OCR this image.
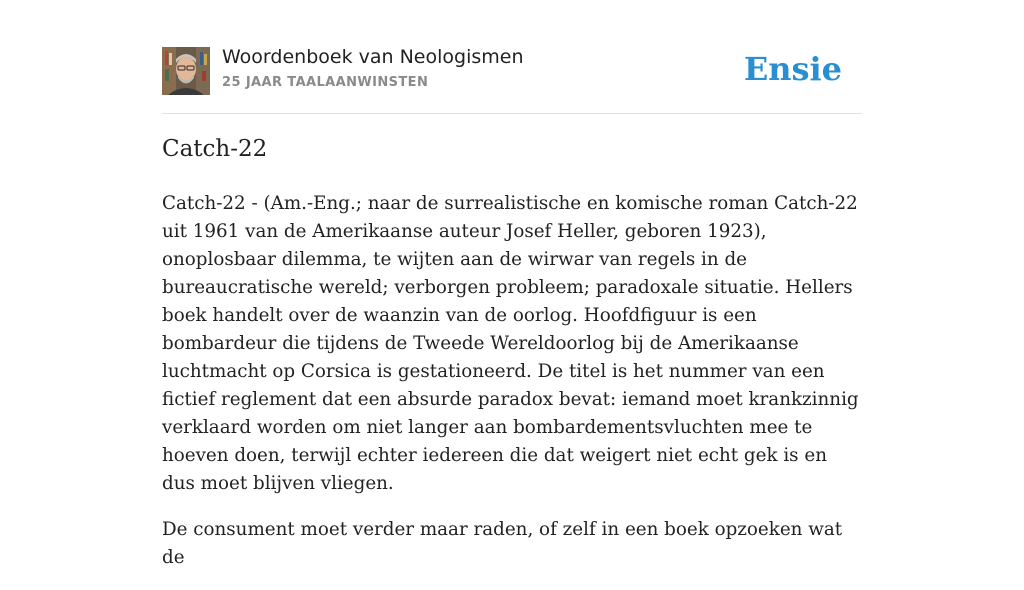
Woordenboek van Neologismen
25 JAAR TAALAANWINSTEN	Ensie
Catch-22

Catch-22 - (Am.-Eng.; naar de surrealistische en komische roman Catch-22 uit 1961 van de Amerikaanse auteur Josef Heller, geboren 1923), onoplosbaar dilemma, te wijten aan de wirwar van regels in de bureaucratische wereld; verborgen probleem; paradoxale situatie. Hellers boek handelt over de waanzin van de oorlog. Hoofdfiguur is een bombardeur die tijdens de Tweede Wereldoorlog bij de Amerikaanse luchtmacht op Corsica is gestationeerd. De titel is het nummer van een fictief reglement dat een absurde paradox bevat: iemand moet krankzinnig verklaard worden om niet langer aan bombardementsvluchten mee te hoeven doen, terwijl echter iedereen die dat weigert niet echt gek is en dus moet blijven vliegen.

De consument moet verder maar raden, of zelf in een boek opzoeken wat de
